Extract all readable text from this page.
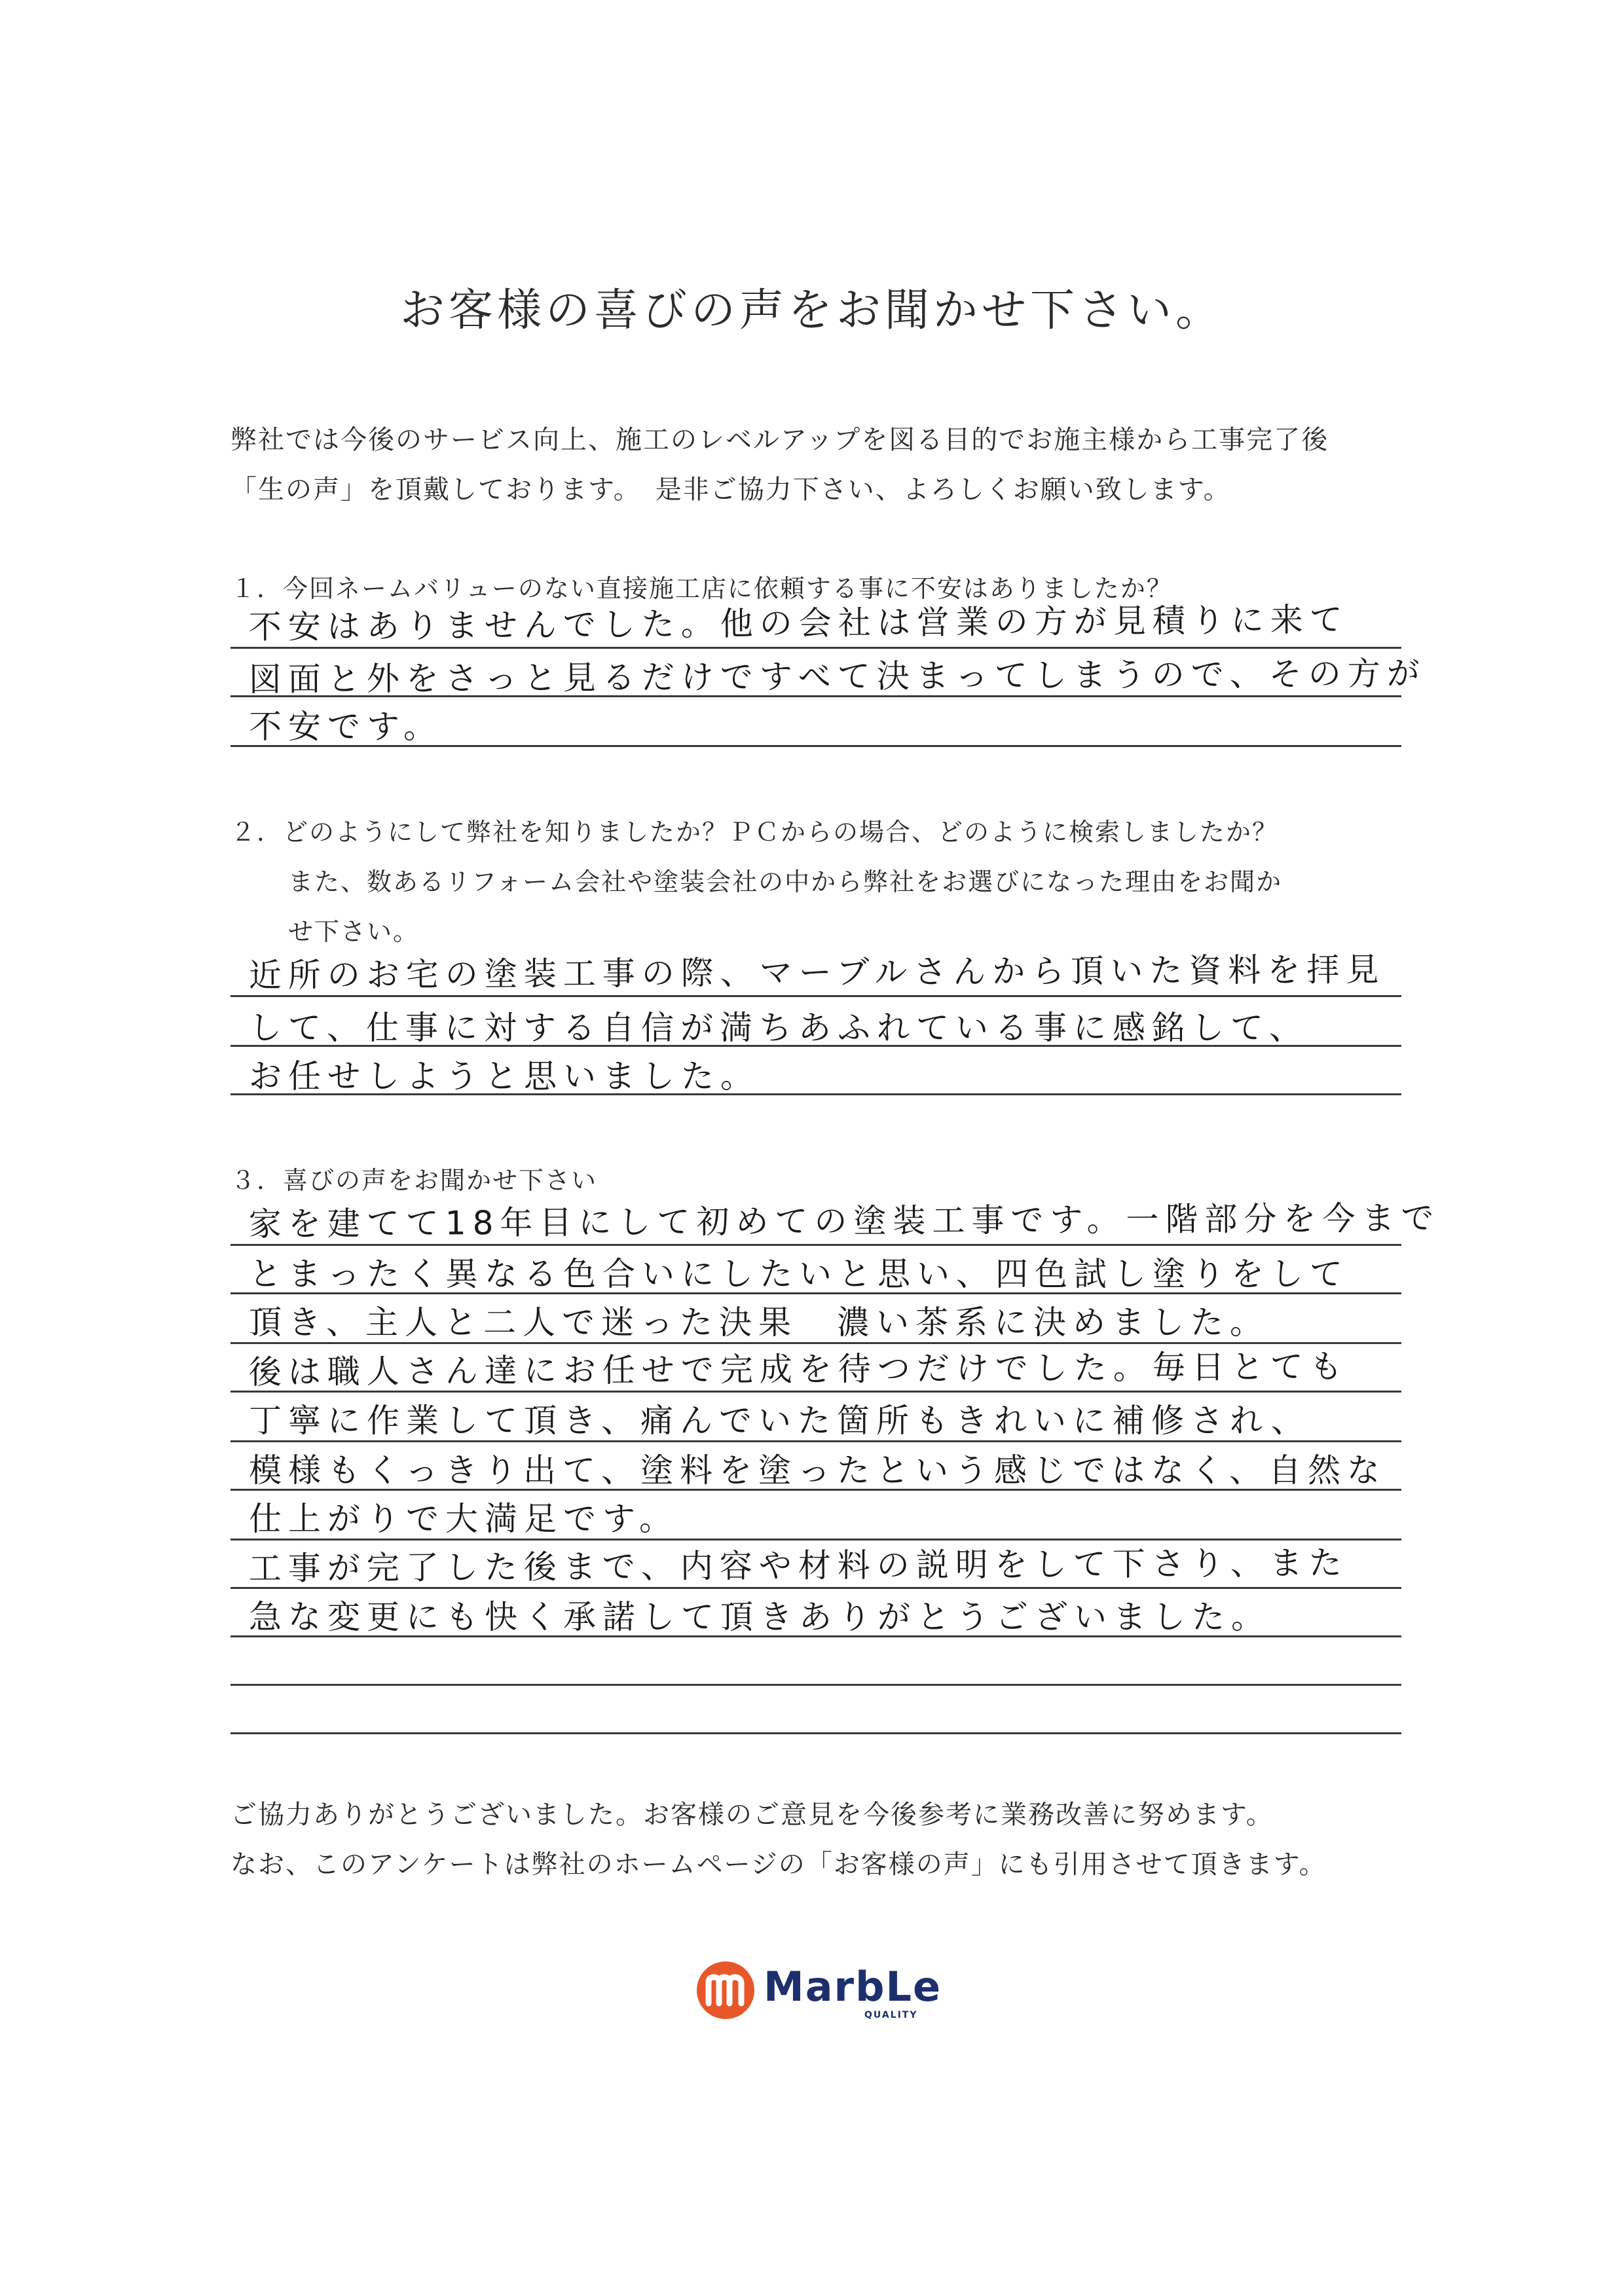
お客様の喜びの声をお聞かせ下さい。
弊社では今後のサービス向上、施工のレベルアップを図る目的でお施主様から工事完了後
「生の声」を頂戴しております。　是非ご協力下さい、よろしくお願い致します。
１．今回ネームバリューのない直接施工店に依頼する事に不安はありましたか？
不安はありませんでした。他の会社は営業の方が見積りに来て
図面と外をさっと見るだけですべて決まってしまうので、その方が
不安です。
２．どのようにして弊社を知りましたか？ＰＣからの場合、どのように検索しましたか？
また、数あるリフォーム会社や塗装会社の中から弊社をお選びになった理由をお聞か
せ下さい。
近所のお宅の塗装工事の際、マーブルさんから頂いた資料を拝見
して、仕事に対する自信が満ちあふれている事に感銘して、
お任せしようと思いました。
３．喜びの声をお聞かせ下さい
家を建てて18年目にして初めての塗装工事です。一階部分を今まで
とまったく異なる色合いにしたいと思い、四色試し塗りをして
頂き、主人と二人で迷った決果　濃い茶系に決めました。
後は職人さん達にお任せで完成を待つだけでした。毎日とても
丁寧に作業して頂き、痛んでいた箇所もきれいに補修され、
模様もくっきり出て、塗料を塗ったという感じではなく、自然な
仕上がりで大満足です。
工事が完了した後まで、内容や材料の説明をして下さり、また
急な変更にも快く承諾して頂きありがとうございました。
ご協力ありがとうございました。お客様のご意見を今後参考に業務改善に努めます。
なお、このアンケートは弊社のホームページの「お客様の声」にも引用させて頂きます。
MarbLe
QUALITY
